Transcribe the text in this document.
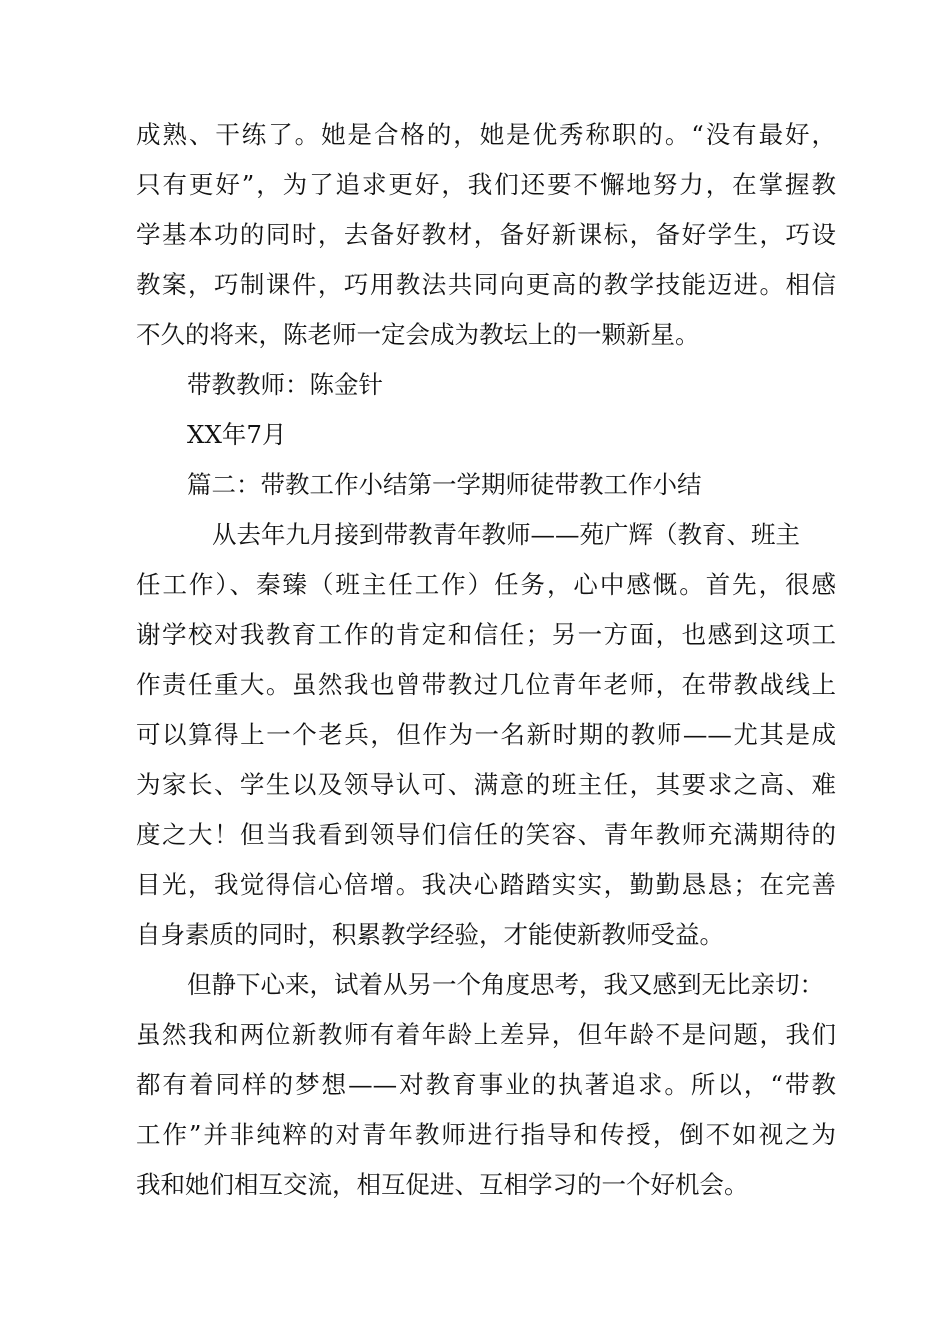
成熟、干练了。她是合格的，她是优秀称职的。“没有最好，
只有更好”，为了追求更好，我们还要不懈地努力，在掌握教
学基本功的同时，去备好教材，备好新课标，备好学生，巧设
教案，巧制课件，巧用教法共同向更高的教学技能迈进。相信
不久的将来，陈老师一定会成为教坛上的一颗新星。
带教教师：陈金针
XX年7月
篇二：带教工作小结第一学期师徒带教工作小结
从去年九月接到带教青年教师——苑广辉（教育、班主
任工作）、秦臻（班主任工作）任务，心中感慨。首先，很感
谢学校对我教育工作的肯定和信任；另一方面，也感到这项工
作责任重大。虽然我也曾带教过几位青年老师，在带教战线上
可以算得上一个老兵，但作为一名新时期的教师——尤其是成
为家长、学生以及领导认可、满意的班主任，其要求之高、难
度之大！但当我看到领导们信任的笑容、青年教师充满期待的
目光，我觉得信心倍增。我决心踏踏实实，勤勤恳恳；在完善
自身素质的同时，积累教学经验，才能使新教师受益。
但静下心来，试着从另一个角度思考，我又感到无比亲切：
虽然我和两位新教师有着年龄上差异，但年龄不是问题，我们
都有着同样的梦想——对教育事业的执著追求。所以，“带教
工作”并非纯粹的对青年教师进行指导和传授，倒不如视之为
我和她们相互交流，相互促进、互相学习的一个好机会。
